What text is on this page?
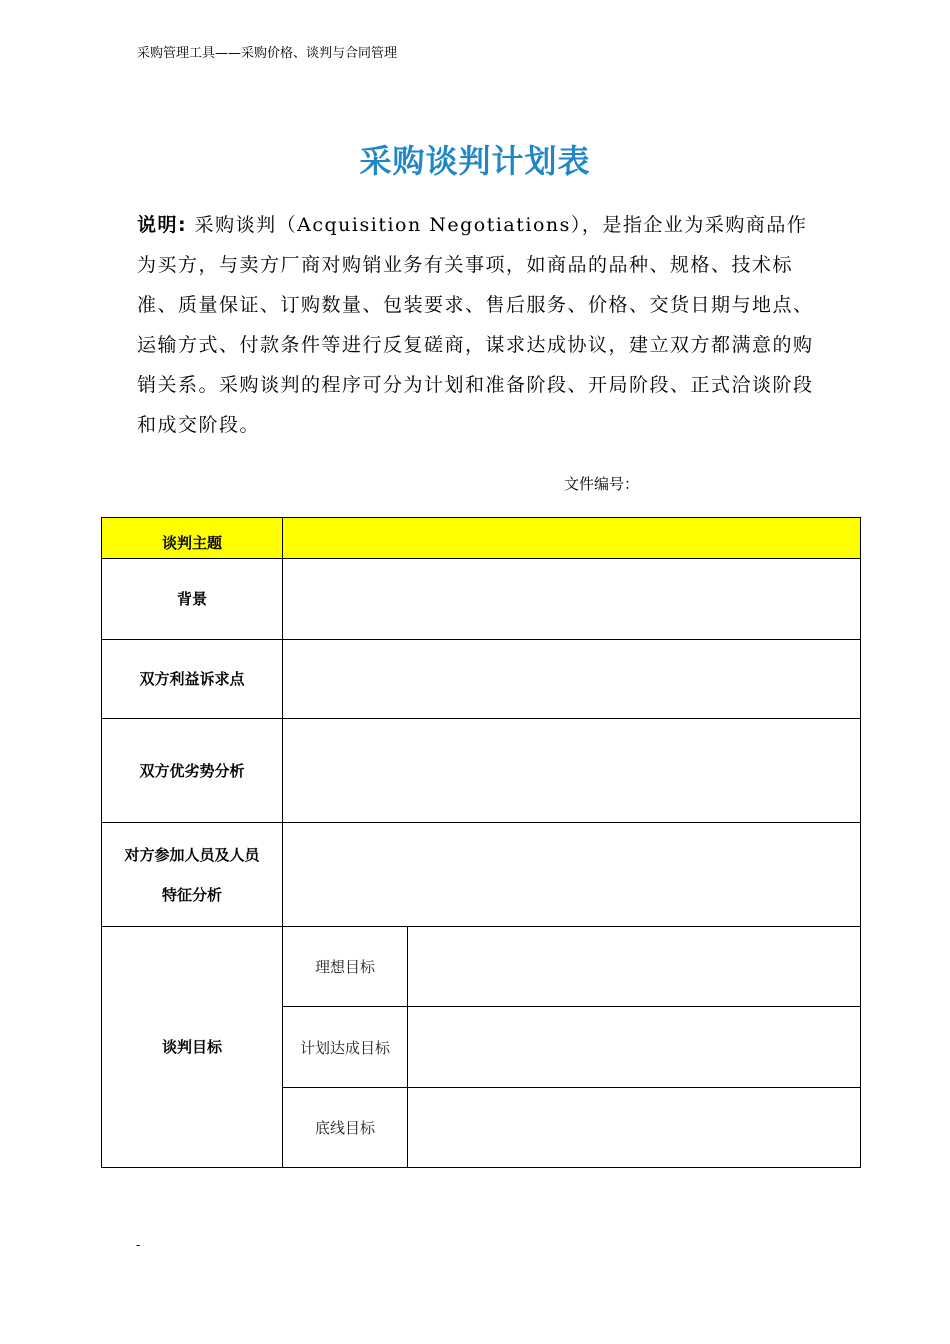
采购管理工具——采购价格、谈判与合同管理
采购谈判计划表
说明: 采购谈判（Acquisition Negotiations），是指企业为采购商品作为买方，与卖方厂商对购销业务有关事项，如商品的品种、规格、技术标准、质量保证、订购数量、包装要求、售后服务、价格、交货日期与地点、运输方式、付款条件等进行反复磋商，谋求达成协议，建立双方都满意的购销关系。采购谈判的程序可分为计划和准备阶段、开局阶段、正式洽谈阶段和成交阶段。
文件编号：
谈判主题		
背景		
双方利益诉求点		
双方优劣势分析		

对方参加人员及人员
特征分析		

谈判目标	理想目标	
	计划达成目标	
	底线目标	
-
